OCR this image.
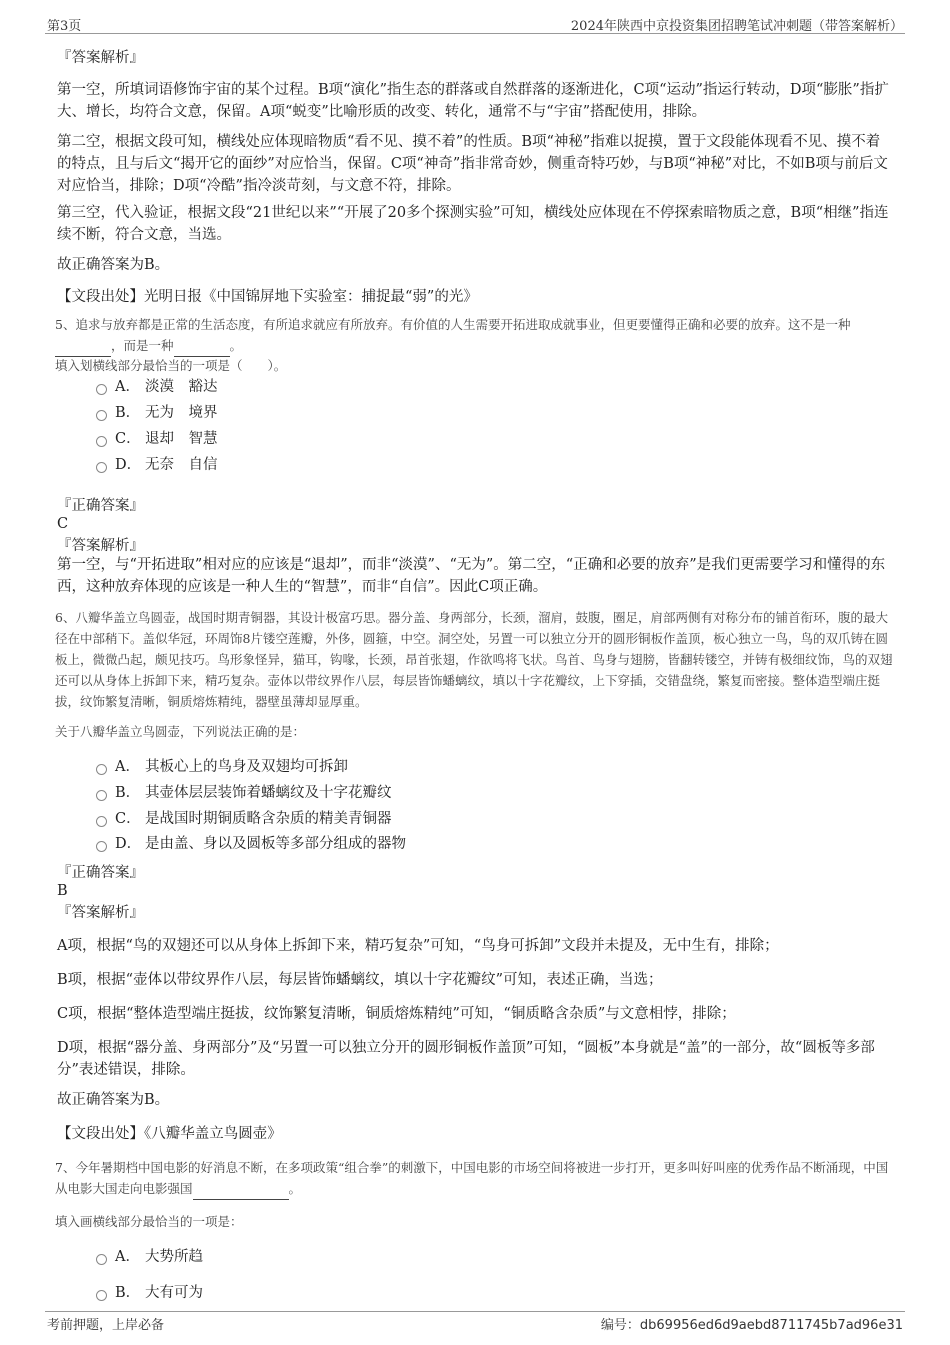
第3页	2024年陕西中京投资集团招聘笔试冲刺题（带答案解析）
『答案解析』
第一空，所填词语修饰宇宙的某个过程。B项“演化”指生态的群落或自然群落的逐渐进化，C项“运动”指运行转动，D项“膨胀”指扩大、增长，均符合文意，保留。A项“蜕变”比喻形质的改变、转化，通常不与“宇宙”搭配使用，排除。
第二空，根据文段可知，横线处应体现暗物质“看不见、摸不着”的性质。B项“神秘”指难以捉摸，置于文段能体现看不见、摸不着的特点，且与后文“揭开它的面纱”对应恰当，保留。C项“神奇”指非常奇妙，侧重奇特巧妙，与B项“神秘”对比，不如B项与前后文对应恰当，排除；D项“冷酷”指冷淡苛刻，与文意不符，排除。
第三空，代入验证，根据文段“21世纪以来”“开展了20多个探测实验”可知，横线处应体现在不停探索暗物质之意，B项“相继”指连续不断，符合文意，当选。
故正确答案为B。
【文段出处】光明日报《中国锦屏地下实验室：捕捉最“弱”的光》
5、追求与放弃都是正常的生活态度，有所追求就应有所放弃。有价值的人生需要开拓进取成就事业，但更要懂得正确和必要的放弃。这不是一种 ，而是一种	。
填入划横线部分最恰当的一项是（　　）。
A． 淡漠　豁达
B． 无为　境界
C． 退却　智慧
D． 无奈　自信
『正确答案』
C
『答案解析』
第一空，与“开拓进取”相对应的应该是“退却”，而非“淡漠”、“无为”。第二空，“正确和必要的放弃”是我们更需要学习和懂得的东西，这种放弃体现的应该是一种人生的“智慧”，而非“自信”。因此C项正确。
6、八瓣华盖立鸟圆壶，战国时期青铜器，其设计极富巧思。器分盖、身两部分，长颈，溜肩，鼓腹，圈足，肩部两侧有对称分布的铺首衔环，腹的最大径在中部稍下。盖似华冠，环周饰8片镂空莲瓣，外侈，圆箍，中空。洞空处，另置一可以独立分开的圆形铜板作盖顶，板心独立一鸟，鸟的双爪铸在圆板上，微微凸起，颇见技巧。鸟形象怪异，猫耳，钩喙，长颈，昂首张翅，作欲鸣将飞状。鸟首、鸟身与翅膀，皆翻转镂空，并铸有极细纹饰，鸟的双翅还可以从身体上拆卸下来，精巧复杂。壶体以带纹界作八层，每层皆饰蟠螭纹，填以十字花瓣纹，上下穿插，交错盘绕，繁复而密接。整体造型端庄挺拔，纹饰繁复清晰，铜质熔炼精纯，器壁虽薄却显厚重。
关于八瓣华盖立鸟圆壶，下列说法正确的是：
A． 其板心上的鸟身及双翅均可拆卸
B． 其壶体层层装饰着蟠螭纹及十字花瓣纹
C． 是战国时期铜质略含杂质的精美青铜器
D． 是由盖、身以及圆板等多部分组成的器物
『正确答案』
B
『答案解析』
A项，根据“鸟的双翅还可以从身体上拆卸下来，精巧复杂”可知，“鸟身可拆卸”文段并未提及，无中生有，排除；
B项，根据“壶体以带纹界作八层，每层皆饰蟠螭纹，填以十字花瓣纹”可知，表述正确，当选；
C项，根据“整体造型端庄挺拔，纹饰繁复清晰，铜质熔炼精纯”可知，“铜质略含杂质”与文意相悖，排除；
D项，根据“器分盖、身两部分”及“另置一可以独立分开的圆形铜板作盖顶”可知，“圆板”本身就是“盖”的一部分，故“圆板等多部分”表述错误，排除。
故正确答案为B。
【文段出处】《八瓣华盖立鸟圆壶》
7、今年暑期档中国电影的好消息不断，在多项政策“组合拳”的刺激下，中国电影的市场空间将被进一步打开，更多叫好叫座的优秀作品不断涌现，中国从电影大国走向电影强国	。
填入画横线部分最恰当的一项是：
A． 大势所趋
B． 大有可为
考前押题，上岸必备	编号：db69956ed6d9aebd8711745b7ad96e31
